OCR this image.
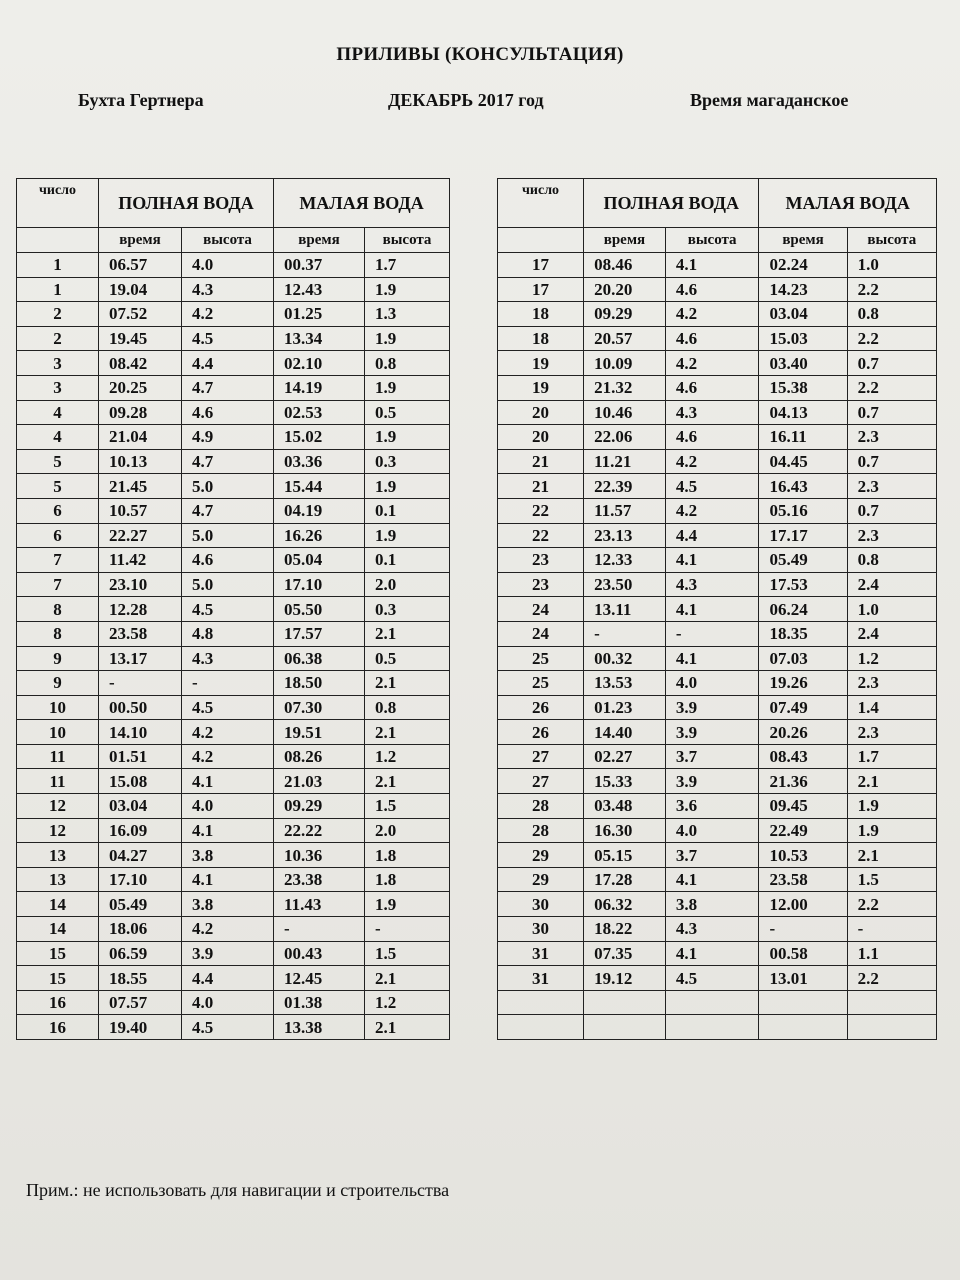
ПРИЛИВЫ (КОНСУЛЬТАЦИЯ)
Бухта Гертнера	ДЕКАБРЬ 2017 год	Время магаданское
число	ПОЛНАЯ ВОДА		МАЛАЯ ВОДА	
	время	высота	время	высота
1	06.57	4.0	00.37	1.7
1	19.04	4.3	12.43	1.9
2	07.52	4.2	01.25	1.3
2	19.45	4.5	13.34	1.9
3	08.42	4.4	02.10	0.8
3	20.25	4.7	14.19	1.9
4	09.28	4.6	02.53	0.5
4	21.04	4.9	15.02	1.9
5	10.13	4.7	03.36	0.3
5	21.45	5.0	15.44	1.9
6	10.57	4.7	04.19	0.1
6	22.27	5.0	16.26	1.9
7	11.42	4.6	05.04	0.1
7	23.10	5.0	17.10	2.0
8	12.28	4.5	05.50	0.3
8	23.58	4.8	17.57	2.1
9	13.17	4.3	06.38	0.5
9	-	-	18.50	2.1
10	00.50	4.5	07.30	0.8
10	14.10	4.2	19.51	2.1
11	01.51	4.2	08.26	1.2
11	15.08	4.1	21.03	2.1
12	03.04	4.0	09.29	1.5
12	16.09	4.1	22.22	2.0
13	04.27	3.8	10.36	1.8
13	17.10	4.1	23.38	1.8
14	05.49	3.8	11.43	1.9
14	18.06	4.2	-	-
15	06.59	3.9	00.43	1.5
15	18.55	4.4	12.45	2.1
16	07.57	4.0	01.38	1.2
16	19.40	4.5	13.38	2.1
число	ПОЛНАЯ ВОДА		МАЛАЯ ВОДА	
	время	высота	время	высота
17	08.46	4.1	02.24	1.0
17	20.20	4.6	14.23	2.2
18	09.29	4.2	03.04	0.8
18	20.57	4.6	15.03	2.2
19	10.09	4.2	03.40	0.7
19	21.32	4.6	15.38	2.2
20	10.46	4.3	04.13	0.7
20	22.06	4.6	16.11	2.3
21	11.21	4.2	04.45	0.7
21	22.39	4.5	16.43	2.3
22	11.57	4.2	05.16	0.7
22	23.13	4.4	17.17	2.3
23	12.33	4.1	05.49	0.8
23	23.50	4.3	17.53	2.4
24	13.11	4.1	06.24	1.0
24	-	-	18.35	2.4
25	00.32	4.1	07.03	1.2
25	13.53	4.0	19.26	2.3
26	01.23	3.9	07.49	1.4
26	14.40	3.9	20.26	2.3
27	02.27	3.7	08.43	1.7
27	15.33	3.9	21.36	2.1
28	03.48	3.6	09.45	1.9
28	16.30	4.0	22.49	1.9
29	05.15	3.7	10.53	2.1
29	17.28	4.1	23.58	1.5
30	06.32	3.8	12.00	2.2
30	18.22	4.3	-	-
31	07.35	4.1	00.58	1.1
31	19.12	4.5	13.01	2.2

Прим.: не использовать для навигации и строительства
